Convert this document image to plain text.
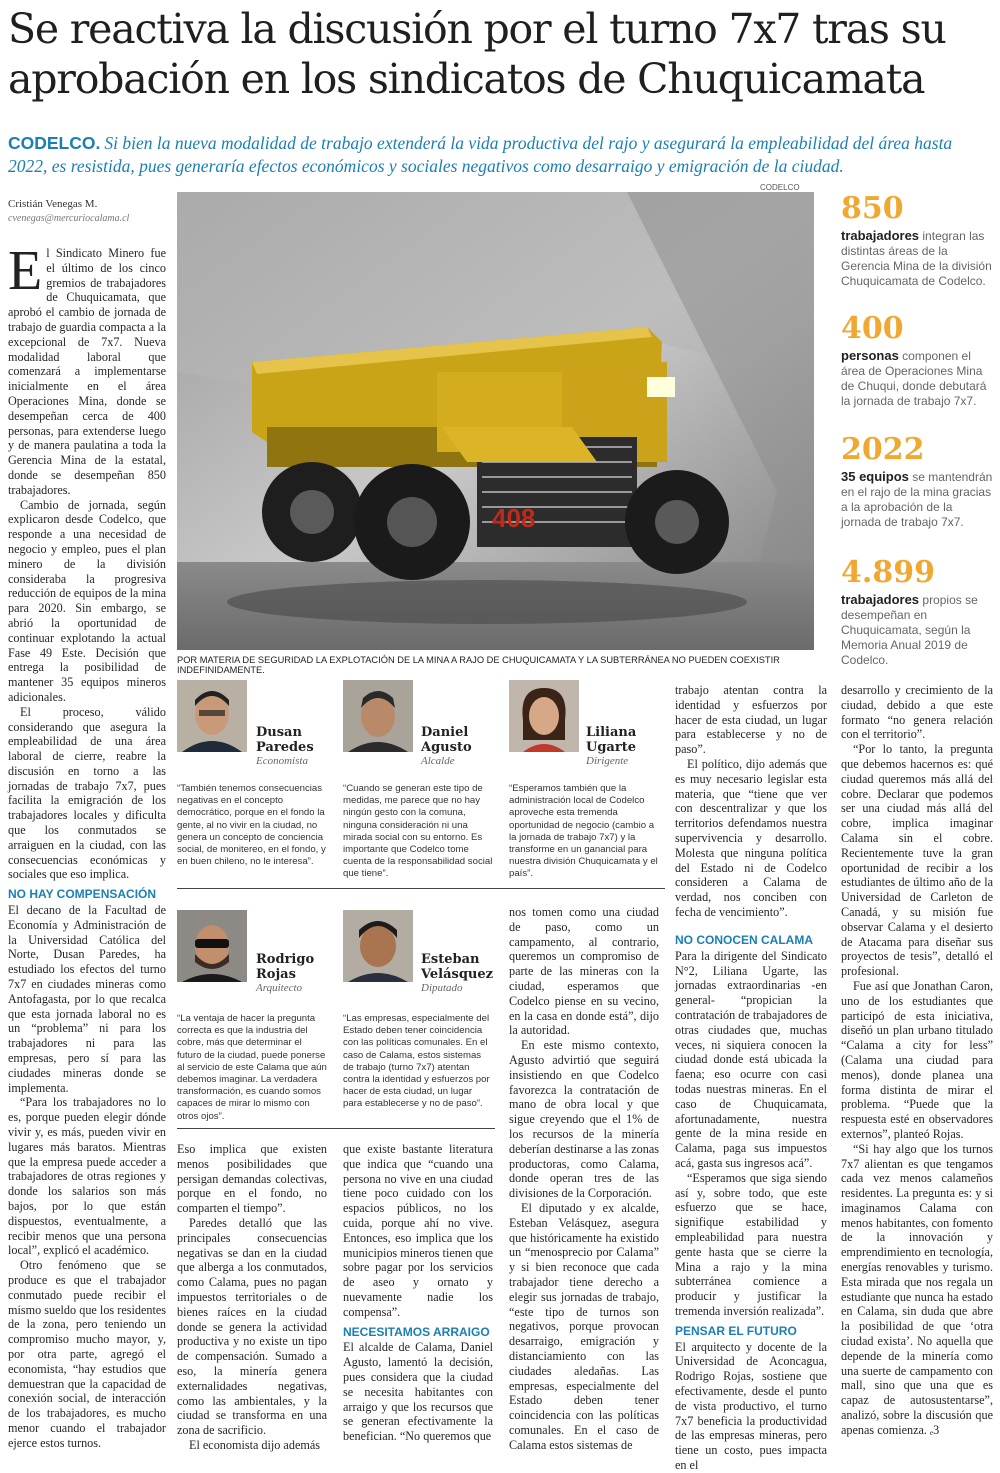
Se reactiva la discusión por el turno 7x7 tras su
aprobación en los sindicatos de Chuquicamata
CODELCO. Si bien la nueva modalidad de trabajo extenderá la vida productiva del rajo y asegurará la empleabilidad del área hasta 2022, es resistida, pues generaría efectos económicos y sociales negativos como desarraigo y emigración de la ciudad.
Cristián Venegas M.
cvenegas@mercuriocalama.cl

El Sindicato Minero fue el último de los cinco gremios de trabajadores de Chuquicamata, que aprobó el cambio de jornada de trabajo de guardia compacta a la excepcional de 7x7. Nueva modalidad laboral que comenzará a implementarse inicialmente en el área Operaciones Mina, donde se desempeñan cerca de 400 personas, para extenderse luego y de manera paulatina a toda la Gerencia Mina de la estatal, donde se desempeñan 850 trabajadores.

Cambio de jornada, según explicaron desde Codelco, que responde a una necesidad de negocio y empleo, pues el plan minero de la división consideraba la progresiva reducción de equipos de la mina para 2020. Sin embargo, se abrió la oportunidad de continuar explotando la actual Fase 49 Este. Decisión que entrega la posibilidad de mantener 35 equipos mineros adicionales.

El proceso, válido considerando que asegura la empleabilidad de una área laboral de cierre, reabre la discusión en torno a las jornadas de trabajo 7x7, pues facilita la emigración de los trabajadores locales y dificulta que los conmutados se arraiguen en la ciudad, con las consecuencias económicas y sociales que eso implica.

NO HAY COMPENSACIÓN

El decano de la Facultad de Economía y Administración de la Universidad Católica del Norte, Dusan Paredes, ha estudiado los efectos del turno 7x7 en ciudades mineras como Antofagasta, por lo que recalca que esta jornada laboral no es un “problema” ni para los trabajadores ni para las empresas, pero sí para las ciudades mineras donde se implementa.

“Para los trabajadores no lo es, porque pueden elegir dónde vivir y, es más, pueden vivir en lugares más baratos. Mientras que la empresa puede acceder a trabajadores de otras regiones y donde los salarios son más bajos, por lo que están dispuestos, eventualmente, a recibir menos que una persona local”, explicó el académico.

Otro fenómeno que se produce es que el trabajador conmutado puede recibir el mismo sueldo que los residentes de la zona, pero teniendo un compromiso mucho mayor, y, por otra parte, agregó el economista, “hay estudios que demuestran que la capacidad de conexión social, de interacción de los trabajadores, es mucho menor cuando el trabajador ejerce estos turnos.

CODELCO
408
POR MATERIA DE SEGURIDAD LA EXPLOTACIÓN DE LA MINA A RAJO DE CHUQUICAMATA Y LA SUBTERRÁNEA NO PUEDEN COEXISTIR INDEFINIDAMENTE.
850
trabajadores integran las distintas áreas de la Gerencia Mina de la división Chuquicamata de Codelco.
400
personas componen el área de Operaciones Mina de Chuqui, donde debutará la jornada de trabajo 7x7.
2022
35 equipos se mantendrán en el rajo de la mina gracias a la aprobación de la jornada de trabajo 7x7.
4.899
trabajadores propios se desempeñan en Chuquicamata, según la Memoria Anual 2019 de Codelco.
Dusan
Paredes
Economista
“También tenemos consecuencias negativas en el concepto democrático, porque en el fondo la gente, al no vivir en la ciudad, no genera un concepto de conciencia social, de monitereo, en el fondo, y en buen chileno, no le interesa”.
Daniel
Agusto
Alcalde
“Cuando se generan este tipo de medidas, me parece que no hay ningún gesto con la comuna, ninguna consideración ni una mirada social con su entorno. Es importante que Codelco tome cuenta de la responsabilidad social que tiene”.
Liliana
Ugarte
Dirigente
“Esperamos también que la administración local de Codelco aproveche esta tremenda oportunidad de negocio (cambio a la jornada de trabajo 7x7) y la transforme en un ganancial para nuestra división Chuquicamata y el país”.
Rodrigo
Rojas
Arquitecto
“La ventaja de hacer la pregunta correcta es que la industria del cobre, más que determinar el futuro de la ciudad, puede ponerse al servicio de este Calama que aún debemos imaginar. La verdadera transformación, es cuando somos capaces de mirar lo mismo con otros ojos”.
Esteban
Velásquez
Diputado
“Las empresas, especialmente del Estado deben tener coincidencia con las políticas comunales. En el caso de Calama, estos sistemas de trabajo (turno 7x7) atentan contra la identidad y esfuerzos por hacer de esta ciudad, un lugar para establecerse y no de paso”.

Eso implica que existen menos posibilidades que persigan demandas colectivas, porque en el fondo, no comparten el tiempo”.

Paredes detalló que las principales consecuencias negativas se dan en la ciudad que alberga a los conmutados, como Calama, pues no pagan impuestos territoriales o de bienes raíces en la ciudad donde se genera la actividad productiva y no existe un tipo de compensación. Sumado a eso, la minería genera externalidades negativas, como las ambientales, y la ciudad se transforma en una zona de sacrificio.

El economista dijo además

que existe bastante literatura que indica que “cuando una persona no vive en una ciudad tiene poco cuidado con los espacios públicos, no los cuida, porque ahí no vive. Entonces, eso implica que los municipios mineros tienen que sobre pagar por los servicios de aseo y ornato y nuevamente nadie los compensa”.

NECESITAMOS ARRAIGO

El alcalde de Calama, Daniel Agusto, lamentó la decisión, pues considera que la ciudad se necesita habitantes con arraigo y que los recursos que se generan efectivamente la benefician. “No queremos que

trabajo atentan contra la identidad y esfuerzos por hacer de esta ciudad, un lugar para establecerse y no de paso”.

El político, dijo además que es muy necesario legislar esta materia, que “tiene que ver con descentralizar y que los territorios defendamos nuestra supervivencia y desarrollo. Molesta que ninguna política del Estado ni de Codelco consideren a Calama de verdad, nos conciben con fecha de vencimiento”.

nos tomen como una ciudad de paso, como un campamento, al contrario, queremos un compromiso de parte de las mineras con la ciudad, esperamos que Codelco piense en su vecino, en la casa en donde está”, dijo la autoridad.

En este mismo contexto, Agusto advirtió que seguirá insistiendo en que Codelco favorezca la contratación de mano de obra local y que sigue creyendo que el 1% de los recursos de la minería deberían destinarse a las zonas productoras, como Calama, donde operan tres de las divisiones de la Corporación.

El diputado y ex alcalde, Esteban Velásquez, asegura que históricamente ha existido un “menosprecio por Calama” y si bien reconoce que cada trabajador tiene derecho a elegir sus jornadas de trabajo, “este tipo de turnos son negativos, porque provocan desarraigo, emigración y distanciamiento con las ciudades aledañas. Las empresas, especialmente del Estado deben tener coincidencia con las políticas comunales. En el caso de Calama estos sistemas de

NO CONOCEN CALAMA

Para la dirigente del Sindicato N°2, Liliana Ugarte, las jornadas extraordinarias -en general- “propician la contratación de trabajadores de otras ciudades que, muchas veces, ni siquiera conocen la ciudad donde está ubicada la faena; eso ocurre con casi todas nuestras mineras. En el caso de Chuquicamata, afortunadamente, nuestra gente de la mina reside en Calama, paga sus impuestos acá, gasta sus ingresos acá”.

“Esperamos que siga siendo así y, sobre todo, que este esfuerzo que se hace, signifique estabilidad y empleabilidad para nuestra gente hasta que se cierre la Mina a rajo y la mina subterránea comience a producir y justificar la tremenda inversión realizada”.

PENSAR EL FUTURO

El arquitecto y docente de la Universidad de Aconcagua, Rodrigo Rojas, sostiene que efectivamente, desde el punto de vista productivo, el turno 7x7 beneficia la productividad de las empresas mineras, pero tiene un costo, pues impacta en el

desarrollo y crecimiento de la ciudad, debido a que este formato “no genera relación con el territorio”.

“Por lo tanto, la pregunta que debemos hacernos es: qué ciudad queremos más allá del cobre. Declarar que podemos ser una ciudad más allá del cobre, implica imaginar Calama sin el cobre. Recientemente tuve la gran oportunidad de recibir a los estudiantes de último año de la Universidad de Carleton de Canadá, y su misión fue observar Calama y el desierto de Atacama para diseñar sus proyectos de tesis”, detalló el profesional.

Fue así que Jonathan Caron, uno de los estudiantes que participó de esta iniciativa, diseñó un plan urbano titulado “Calama a city for less” (Calama una ciudad para menos), donde planea una forma distinta de mirar el problema. “Puede que la respuesta esté en observadores externos”, planteó Rojas.

“Si hay algo que los turnos 7x7 alientan es que tengamos cada vez menos calameños residentes. La pregunta es: y si imaginamos Calama con menos habitantes, con fomento de la innovación y emprendimiento en tecnología, energías renovables y turismo. Esta mirada que nos regala un estudiante que nunca ha estado en Calama, sin duda que abre la posibilidad de que ‘otra ciudad exista’. No aquella que depende de la minería como una suerte de campamento con mall, sino que una que es capaz de autosustentarse”, analizó, sobre la discusión que apenas comienza. ₑ3
